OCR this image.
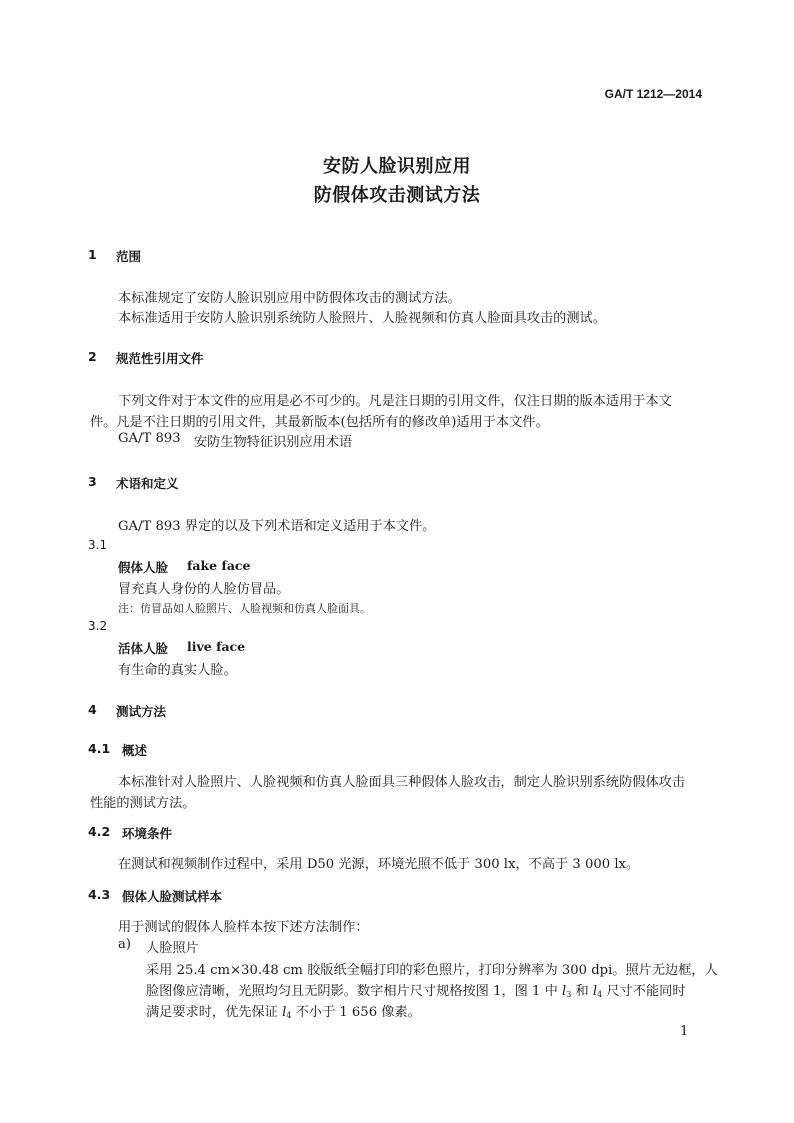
GA/T 1212—2014
安防人脸识别应用
防假体攻击测试方法
1 范围
本标准规定了安防人脸识别应用中防假体攻击的测试方法。
本标准适用于安防人脸识别系统防人脸照片、人脸视频和仿真人脸面具攻击的测试。
2 规范性引用文件
下列文件对于本文件的应用是必不可少的。凡是注日期的引用文件，仅注日期的版本适用于本文
件。凡是不注日期的引用文件，其最新版本(包括所有的修改单)适用于本文件。
GA/T 893 安防生物特征识别应用术语
3 术语和定义
GA/T 893 界定的以及下列术语和定义适用于本文件。
3.1
假体人脸 fake face
冒充真人身份的人脸仿冒品。
注：仿冒品如人脸照片、人脸视频和仿真人脸面具。
3.2
活体人脸 live face
有生命的真实人脸。
4 测试方法
4.1 概述
本标准针对人脸照片、人脸视频和仿真人脸面具三种假体人脸攻击，制定人脸识别系统防假体攻击
性能的测试方法。
4.2 环境条件
在测试和视频制作过程中，采用 D50 光源，环境光照不低于 300 lx，不高于 3 000 lx。
4.3 假体人脸测试样本
用于测试的假体人脸样本按下述方法制作：
a) 人脸照片
采用 25.4 cm×30.48 cm 胶版纸全幅打印的彩色照片，打印分辨率为 300 dpi。照片无边框，人
脸图像应清晰，光照均匀且无阴影。数字相片尺寸规格按图 1，图 1 中 $l_3$ 和 $l_4$ 尺寸不能同时
满足要求时，优先保证 $l_4$ 不小于 1 656 像素。
1
